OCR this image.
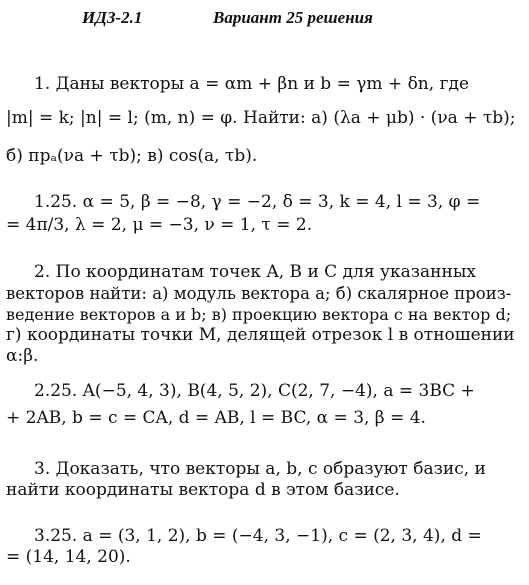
ИДЗ-2.1	Вариант 25 решения
1. Даны векторы a = αm + βn и b = γm + δn, где
|m| = k; |n| = l; (m, n) = φ. Найти: а) (λa + μb) · (νa + τb);
б) прₐ(νa + τb); в) cos(a, τb).
1.25. α = 5, β = −8, γ = −2, δ = 3, k = 4, l = 3, φ =
= 4π/3, λ = 2, μ = −3, ν = 1, τ = 2.
2. По координатам точек A, B и C для указанных
векторов найти: а) модуль вектора a; б) скалярное произ-
ведение векторов a и b; в) проекцию вектора c на вектор d;
г) координаты точки M, делящей отрезок l в отношении
α:β.
2.25. A(−5, 4, 3), B(4, 5, 2), C(2, 7, −4), a = 3BC +
+ 2AB, b = c = CA, d = AB, l = BC, α = 3, β = 4.
3. Доказать, что векторы a, b, c образуют базис, и
найти координаты вектора d в этом базисе.
3.25. a = (3, 1, 2), b = (−4, 3, −1), c = (2, 3, 4), d =
= (14, 14, 20).
